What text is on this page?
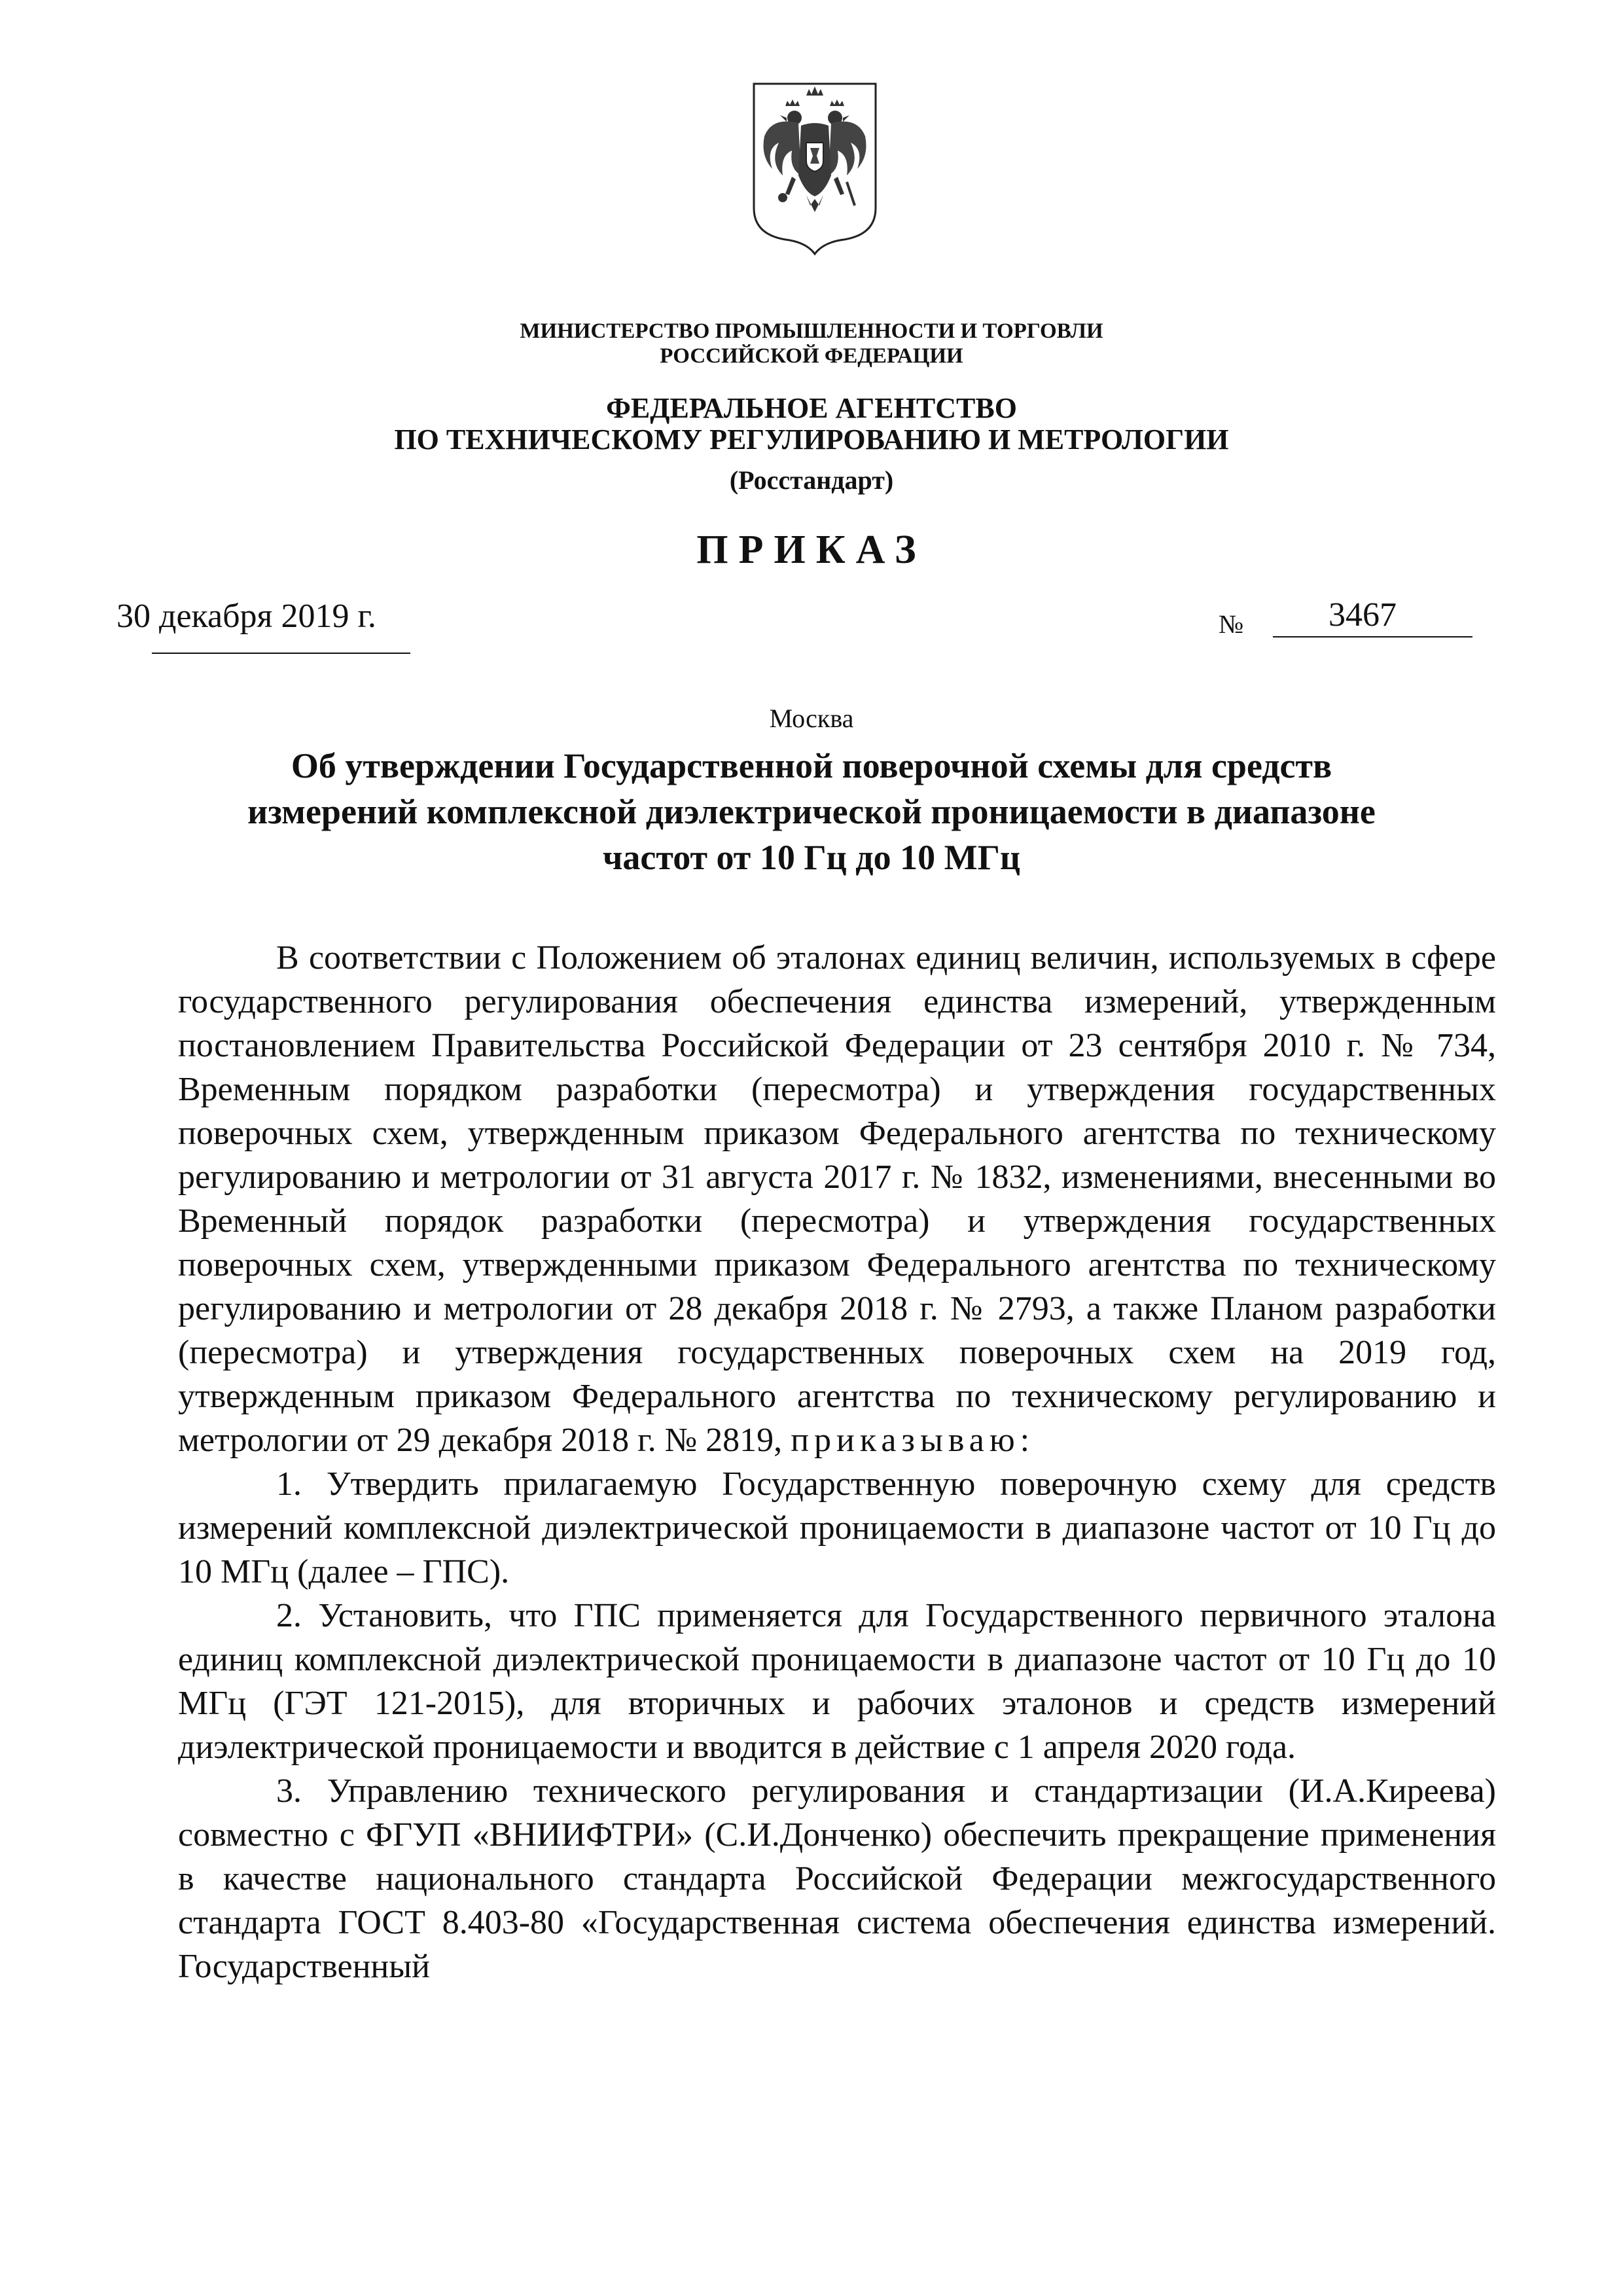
МИНИСТЕРСТВО ПРОМЫШЛЕННОСТИ И ТОРГОВЛИ
РОССИЙСКОЙ ФЕДЕРАЦИИ
ФЕДЕРАЛЬНОЕ АГЕНТСТВО
ПО ТЕХНИЧЕСКОМУ РЕГУЛИРОВАНИЮ И МЕТРОЛОГИИ
(Росстандарт)
ПРИКАЗ
30 декабря 2019 г.	№ 3467
Москва
Об утверждении Государственной поверочной схемы для средств
измерений комплексной диэлектрической проницаемости в диапазоне
частот от 10 Гц до 10 МГц

В соответствии с Положением об эталонах единиц величин, используемых в сфере государственного регулирования обеспечения единства измерений, утвержденным постановлением Правительства Российской Федерации от 23 сентября 2010 г. № 734, Временным порядком разработки (пересмотра) и утверждения государственных поверочных схем, утвержденным приказом Федерального агентства по техническому регулированию и метрологии от 31 августа 2017 г. № 1832, изменениями, внесенными во Временный порядок разработки (пересмотра) и утверждения государственных поверочных схем, утвержденными приказом Федерального агентства по техническому регулированию и метрологии от 28 декабря 2018 г. № 2793, а также Планом разработки (пересмотра) и утверждения государственных поверочных схем на 2019 год, утвержденным приказом Федерального агентства по техническому регулированию и метрологии от 29 декабря 2018 г. № 2819, приказываю:

1. Утвердить прилагаемую Государственную поверочную схему для средств измерений комплексной диэлектрической проницаемости в диапазоне частот от 10 Гц до 10 МГц (далее – ГПС).

2. Установить, что ГПС применяется для Государственного первичного эталона единиц комплексной диэлектрической проницаемости в диапазоне частот от 10 Гц до 10 МГц (ГЭТ 121-2015), для вторичных и рабочих эталонов и средств измерений диэлектрической проницаемости и вводится в действие с 1 апреля 2020 года.

3. Управлению технического регулирования и стандартизации (И.А.Киреева) совместно с ФГУП «ВНИИФТРИ» (С.И.Донченко) обеспечить прекращение применения в качестве национального стандарта Российской Федерации межгосударственного стандарта ГОСТ 8.403-80 «Государственная система обеспечения единства измерений. Государственный
